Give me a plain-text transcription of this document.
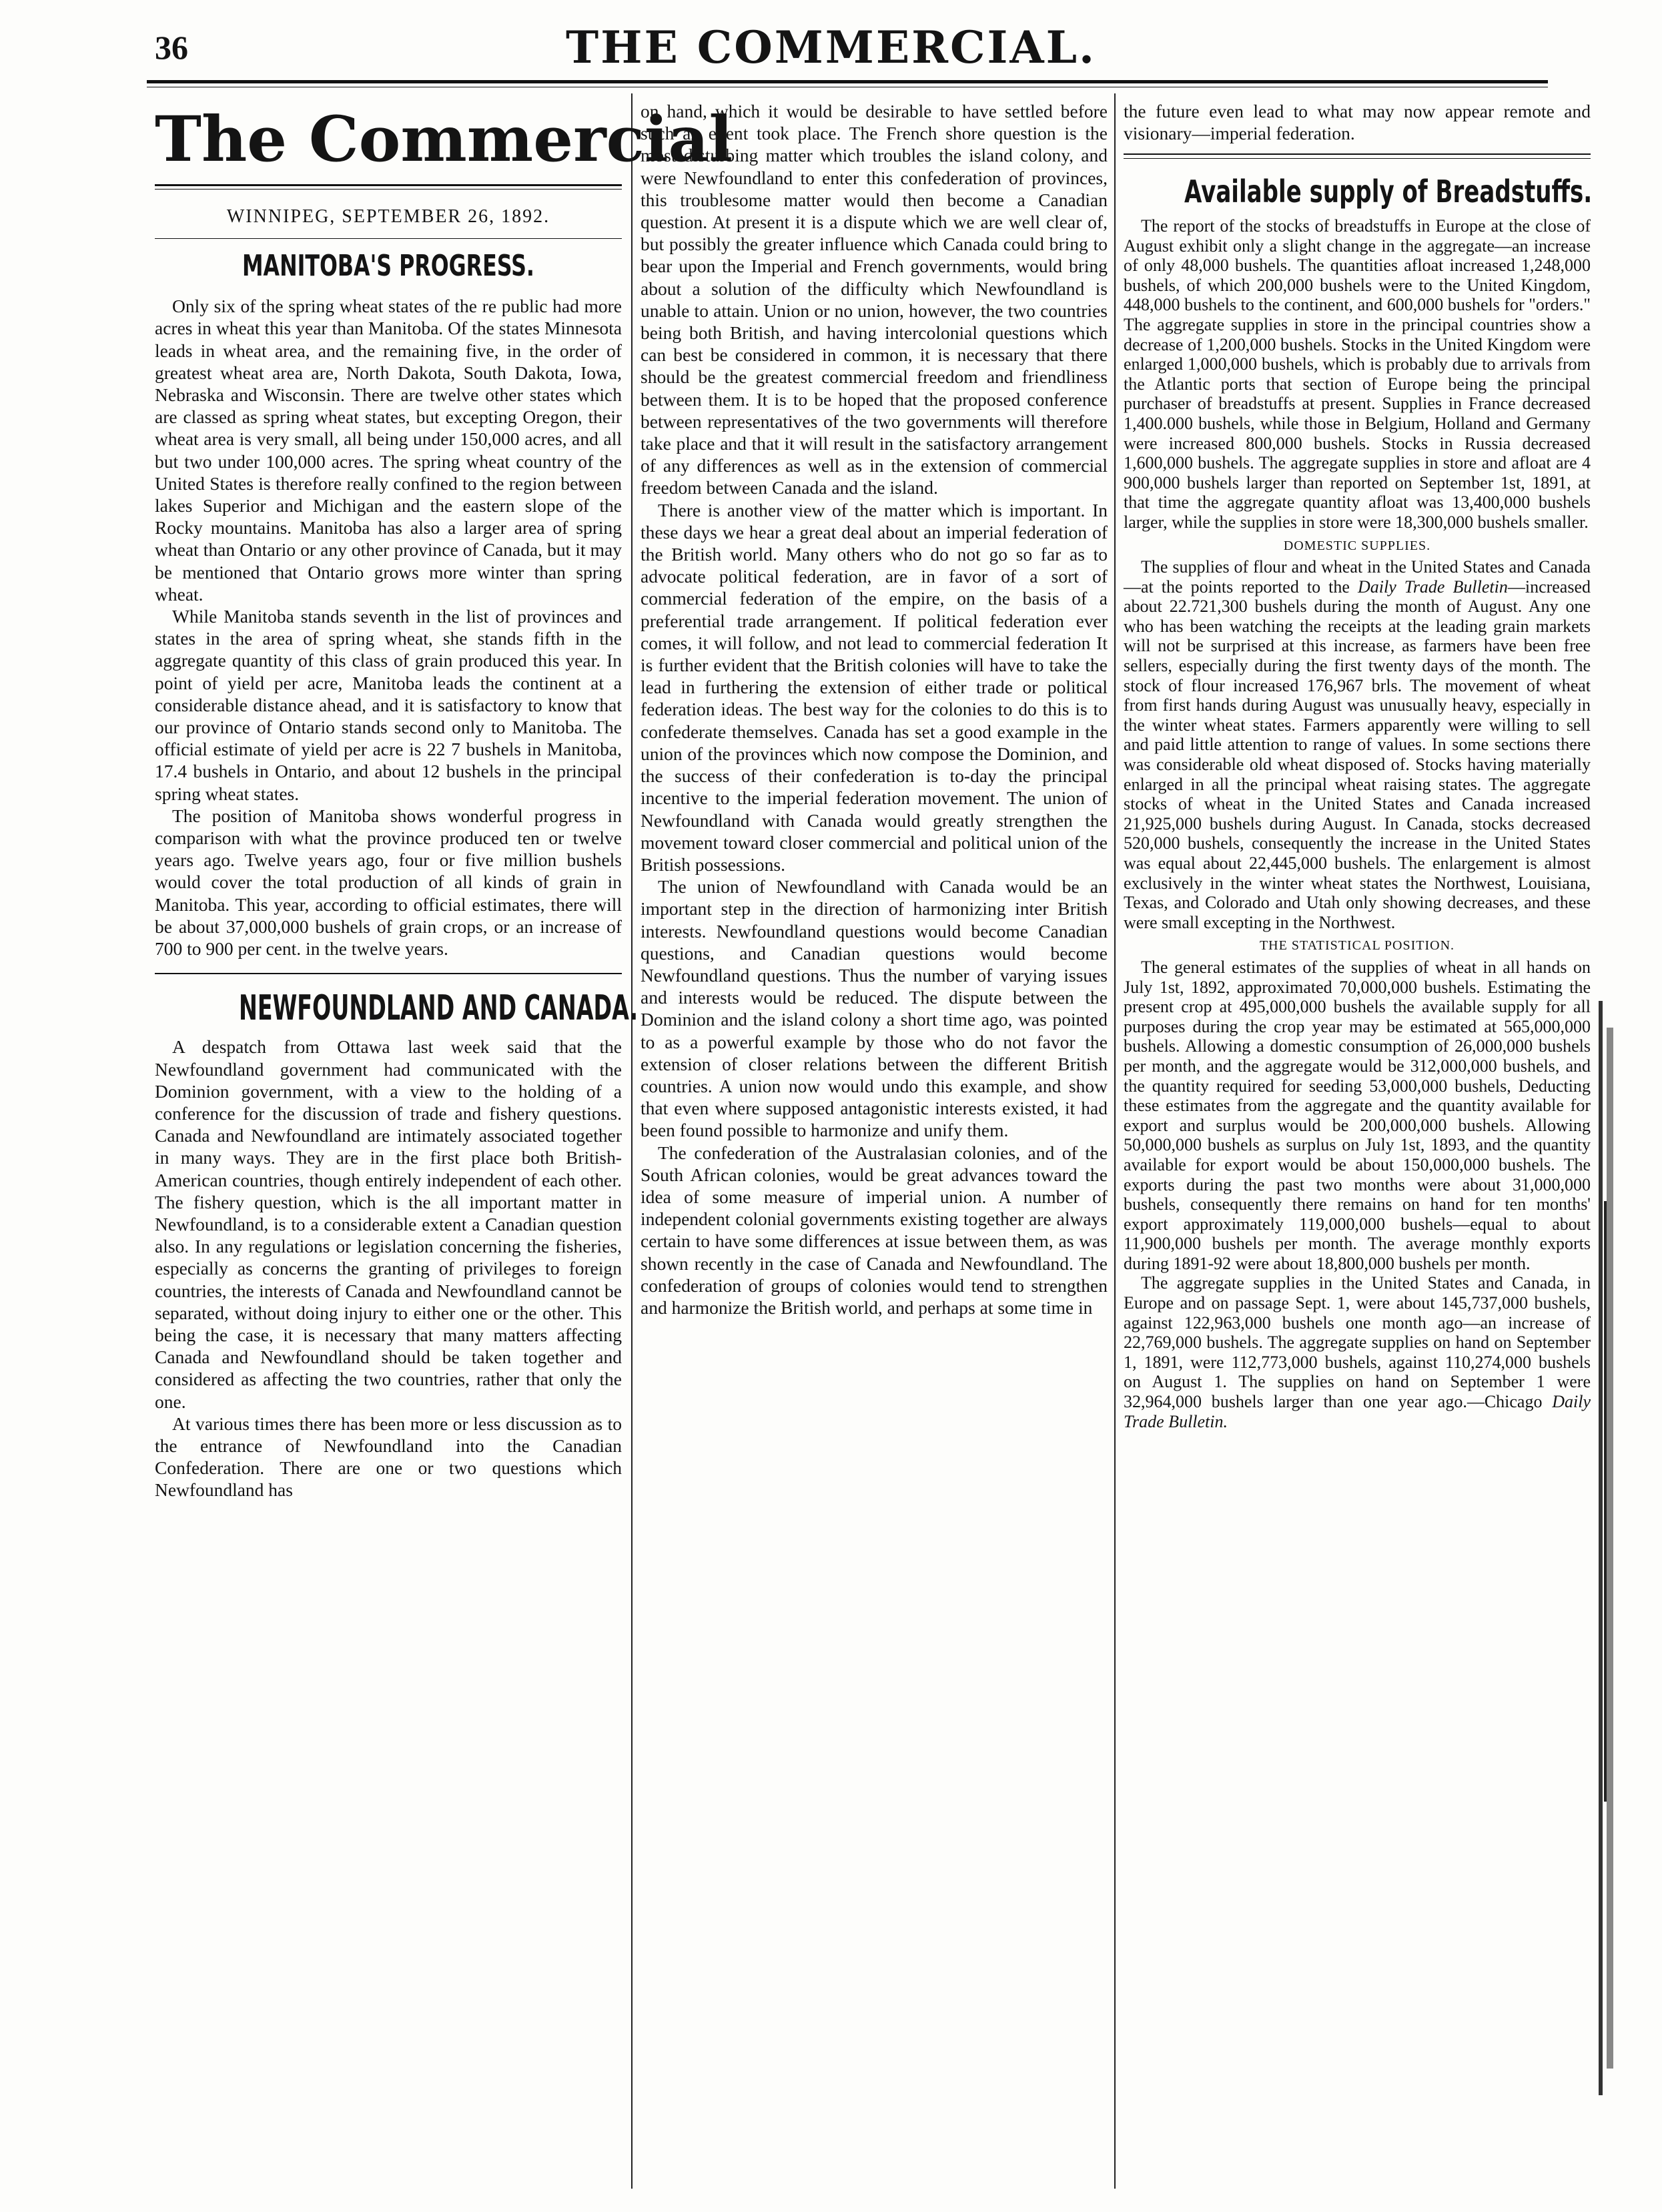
36	THE COMMERCIAL.
The Commercial
WINNIPEG, SEPTEMBER 26, 1892.
MANITOBA'S PROGRESS.

Only six of the spring wheat states of the re public had more acres in wheat this year than Manitoba. Of the states Minnesota leads in wheat area, and the remaining five, in the order of greatest wheat area are, North Dakota, South Dakota, Iowa, Nebraska and Wisconsin. There are twelve other states which are classed as spring wheat states, but excepting Oregon, their wheat area is very small, all being under 150,000 acres, and all but two under 100,000 acres. The spring wheat country of the United States is therefore really confined to the region between lakes Superior and Michigan and the eastern slope of the Rocky mountains. Manitoba has also a larger area of spring wheat than Ontario or any other province of Canada, but it may be mentioned that Ontario grows more winter than spring wheat.

While Manitoba stands seventh in the list of provinces and states in the area of spring wheat, she stands fifth in the aggregate quantity of this class of grain produced this year. In point of yield per acre, Manitoba leads the continent at a considerable distance ahead, and it is satisfactory to know that our province of Ontario stands second only to Manitoba. The official estimate of yield per acre is 22 7 bushels in Manitoba, 17.4 bushels in Ontario, and about 12 bushels in the principal spring wheat states.

The position of Manitoba shows wonderful progress in comparison with what the province produced ten or twelve years ago. Twelve years ago, four or five million bushels would cover the total production of all kinds of grain in Manitoba. This year, according to official estimates, there will be about 37,000,000 bushels of grain crops, or an increase of 700 to 900 per cent. in the twelve years.

NEWFOUNDLAND AND CANADA.

A despatch from Ottawa last week said that the Newfoundland government had communicated with the Dominion government, with a view to the holding of a conference for the discussion of trade and fishery questions. Canada and Newfoundland are intimately associated together in many ways. They are in the first place both British-American countries, though entirely independent of each other. The fishery question, which is the all important matter in Newfoundland, is to a considerable extent a Canadian question also. In any regulations or legislation concerning the fisheries, especially as concerns the granting of privileges to foreign countries, the interests of Canada and Newfoundland cannot be separated, without doing injury to either one or the other. This being the case, it is necessary that many matters affecting Canada and Newfoundland should be taken together and considered as affecting the two countries, rather that only the one.

At various times there has been more or less discussion as to the entrance of Newfoundland into the Canadian Confederation. There are one or two questions which Newfoundland has

on hand, which it would be desirable to have settled before such an event took place. The French shore question is the most disturbing matter which troubles the island colony, and were Newfoundland to enter this confederation of provinces, this troublesome matter would then become a Canadian question. At present it is a dispute which we are well clear of, but possibly the greater influence which Canada could bring to bear upon the Imperial and French governments, would bring about a solution of the difficulty which Newfoundland is unable to attain. Union or no union, however, the two countries being both British, and having intercolonial questions which can best be considered in common, it is necessary that there should be the greatest commercial freedom and friendliness between them. It is to be hoped that the proposed conference between representatives of the two governments will therefore take place and that it will result in the satisfactory arrangement of any differences as well as in the extension of commercial freedom between Canada and the island.

There is another view of the matter which is important. In these days we hear a great deal about an imperial federation of the British world. Many others who do not go so far as to advocate political federation, are in favor of a sort of commercial federation of the empire, on the basis of a preferential trade arrangement. If political federation ever comes, it will follow, and not lead to commercial federation It is further evident that the British colonies will have to take the lead in furthering the extension of either trade or political federation ideas. The best way for the colonies to do this is to confederate themselves. Canada has set a good example in the union of the provinces which now compose the Dominion, and the success of their confederation is to-day the principal incentive to the imperial federation movement. The union of Newfoundland with Canada would greatly strengthen the movement toward closer commercial and political union of the British possessions.

The union of Newfoundland with Canada would be an important step in the direction of harmonizing inter British interests. Newfoundland questions would become Canadian questions, and Canadian questions would become Newfoundland questions. Thus the number of varying issues and interests would be reduced. The dispute between the Dominion and the island colony a short time ago, was pointed to as a powerful example by those who do not favor the extension of closer relations between the different British countries. A union now would undo this example, and show that even where supposed antagonistic interests existed, it had been found possible to harmonize and unify them.

The confederation of the Australasian colonies, and of the South African colonies, would be great advances toward the idea of some measure of imperial union. A number of independent colonial governments existing together are always certain to have some differences at issue between them, as was shown recently in the case of Canada and Newfoundland. The confederation of groups of colonies would tend to strengthen and harmonize the British world, and perhaps at some time in

the future even lead to what may now appear remote and visionary—imperial federation.

Available supply of Breadstuffs.

The report of the stocks of breadstuffs in Europe at the close of August exhibit only a slight change in the aggregate—an increase of only 48,000 bushels. The quantities afloat increased 1,248,000 bushels, of which 200,000 bushels were to the United Kingdom, 448,000 bushels to the continent, and 600,000 bushels for "orders." The aggregate supplies in store in the principal countries show a decrease of 1,200,000 bushels. Stocks in the United Kingdom were enlarged 1,000,000 bushels, which is probably due to arrivals from the Atlantic ports that section of Europe being the principal purchaser of breadstuffs at present. Supplies in France decreased 1,400.000 bushels, while those in Belgium, Holland and Germany were increased 800,000 bushels. Stocks in Russia decreased 1,600,000 bushels. The aggregate supplies in store and afloat are 4 900,000 bushels larger than reported on September 1st, 1891, at that time the aggregate quantity afloat was 13,400,000 bushels larger, while the supplies in store were 18,300,000 bushels smaller.

DOMESTIC SUPPLIES.

The supplies of flour and wheat in the United States and Canada—at the points reported to the Daily Trade Bulletin—increased about 22.721,300 bushels during the month of August. Any one who has been watching the receipts at the leading grain markets will not be surprised at this increase, as farmers have been free sellers, especially during the first twenty days of the month. The stock of flour increased 176,967 brls. The movement of wheat from first hands during August was unusually heavy, especially in the winter wheat states. Farmers apparently were willing to sell and paid little attention to range of values. In some sections there was considerable old wheat disposed of. Stocks having materially enlarged in all the principal wheat raising states. The aggregate stocks of wheat in the United States and Canada increased 21,925,000 bushels during August. In Canada, stocks decreased 520,000 bushels, consequently the increase in the United States was equal about 22,445,000 bushels. The enlargement is almost exclusively in the winter wheat states the Northwest, Louisiana, Texas, and Colorado and Utah only showing decreases, and these were small excepting in the Northwest.

THE STATISTICAL POSITION.

The general estimates of the supplies of wheat in all hands on July 1st, 1892, approximated 70,000,000 bushels. Estimating the present crop at 495,000,000 bushels the available supply for all purposes during the crop year may be estimated at 565,000,000 bushels. Allowing a domestic consumption of 26,000,000 bushels per month, and the aggregate would be 312,000,000 bushels, and the quantity required for seeding 53,000,000 bushels, Deducting these estimates from the aggregate and the quantity available for export and surplus would be 200,000,000 bushels. Allowing 50,000,000 bushels as surplus on July 1st, 1893, and the quantity available for export would be about 150,000,000 bushels. The exports during the past two months were about 31,000,000 bushels, consequently there remains on hand for ten months' export approximately 119,000,000 bushels—equal to about 11,900,000 bushels per month. The average monthly exports during 1891-92 were about 18,800,000 bushels per month.

The aggregate supplies in the United States and Canada, in Europe and on passage Sept. 1, were about 145,737,000 bushels, against 122,963,000 bushels one month ago—an increase of 22,769,000 bushels. The aggregate supplies on hand on September 1, 1891, were 112,773,000 bushels, against 110,274,000 bushels on August 1. The supplies on hand on September 1 were 32,964,000 bushels larger than one year ago.—Chicago Daily Trade Bulletin.
